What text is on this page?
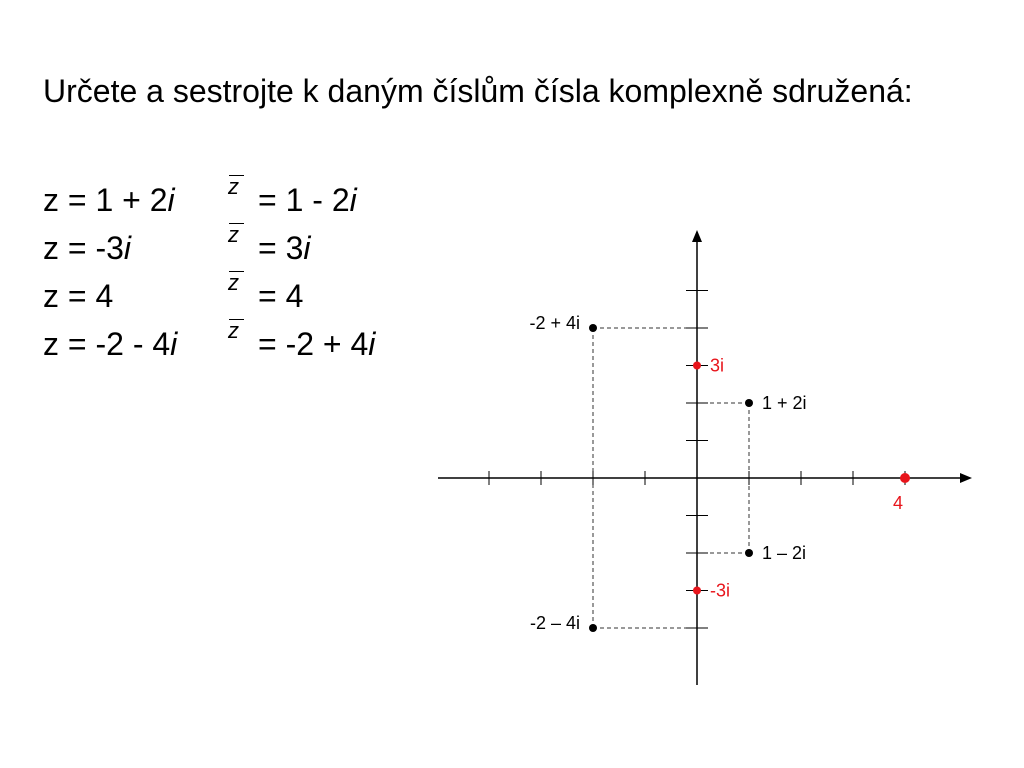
Určete a sestrojte k daným číslům čísla komplexně sdružená:
z = 1 + 2i z = 1 - 2i
z = -3i	z = 3i
z = 4	z = 4
z = -2 - 4i z = -2 + 4i
-2 + 4i
3i
1 + 2i
4
1 – 2i
-3i
-2 – 4i
